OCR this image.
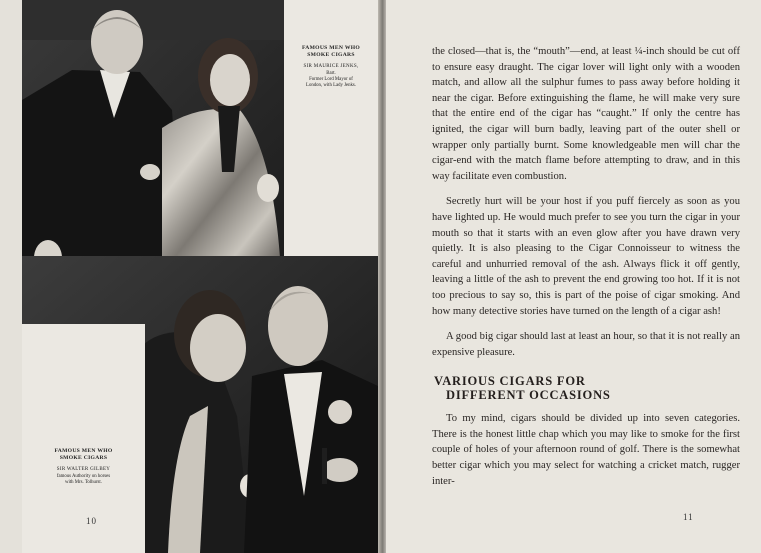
FAMOUS MEN WHO
SMOKE CIGARS
SIR MAURICE JENKS,
Bart.
Former Lord Mayor of
London, with Lady Jenks.
FAMOUS MEN WHO
SMOKE CIGARS
SIR WALTER GILBEY
famous Authority on horses
with Mrs. Tolhurst.
10

the closed—that is, the “mouth”—end, at least ¼-inch should be cut off to ensure easy draught. The cigar lover will light only with a wooden match, and allow all the sulphur fumes to pass away before holding it near the cigar. Before extinguishing the flame, he will make very sure that the entire end of the cigar has “caught.” If only the centre has ignited, the cigar will burn badly, leaving part of the outer shell or wrapper only partially burnt. Some knowledgeable men will char the cigar-end with the match flame before attempting to draw, and in this way facilitate even combustion.

Secretly hurt will be your host if you puff fiercely as soon as you have lighted up. He would much prefer to see you turn the cigar in your mouth so that it starts with an even glow after you have drawn very quietly. It is also pleasing to the Cigar Connoisseur to witness the careful and unhurried removal of the ash. Always flick it off gently, leaving a little of the ash to prevent the end growing too hot. If it is not too precious to say so, this is part of the poise of cigar smoking. And how many detective stories have turned on the length of a cigar ash!

A good big cigar should last at least an hour, so that it is not really an expensive pleasure.

VARIOUS CIGARS FOR
DIFFERENT OCCASIONS

To my mind, cigars should be divided up into seven categories. There is the honest little chap which you may like to smoke for the first couple of holes of your afternoon round of golf. There is the somewhat better cigar which you may select for watching a cricket match, rugger inter-

11
